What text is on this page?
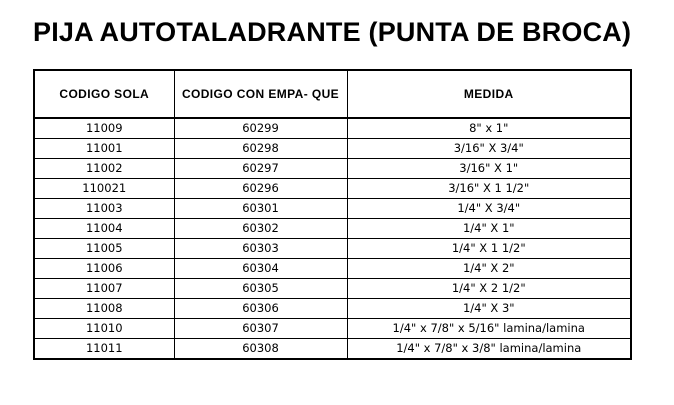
PIJA AUTOTALADRANTE (PUNTA DE BROCA)
CODIGO SOLA	CODIGO CON EMPA- QUE	MEDIDA
11009	60299	8" x 1"
11001	60298	3/16" X 3/4"
11002	60297	3/16" X 1"
110021	60296	3/16" X 1 1/2"
11003	60301	1/4" X 3/4"
11004	60302	1/4" X 1"
11005	60303	1/4" X 1 1/2"
11006	60304	1/4" X 2"
11007	60305	1/4" X 2 1/2"
11008	60306	1/4" X 3"
11010	60307	1/4" x 7/8" x 5/16" lamina/lamina
11011	60308	1/4" x 7/8" x 3/8" lamina/lamina
